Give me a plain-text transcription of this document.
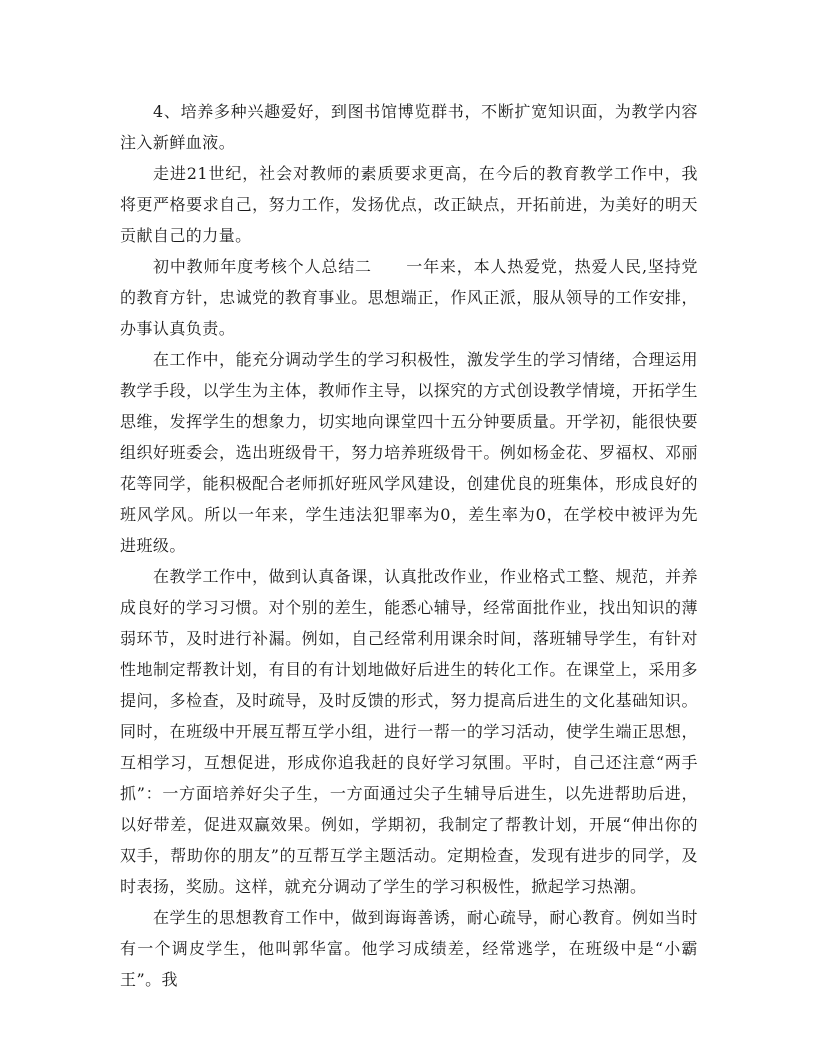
4、培养多种兴趣爱好，到图书馆博览群书，不断扩宽知识面，为教学内容注入新鲜血液。

走进21世纪，社会对教师的素质要求更高，在今后的教育教学工作中，我将更严格要求自己，努力工作，发扬优点，改正缺点，开拓前进，为美好的明天贡献自己的力量。

初中教师年度考核个人总结二 一年来，本人热爱党，热爱人民,坚持党的教育方针，忠诚党的教育事业。思想端正，作风正派，服从领导的工作安排，办事认真负责。

在工作中，能充分调动学生的学习积极性，激发学生的学习情绪，合理运用教学手段，以学生为主体，教师作主导，以探究的方式创设教学情境，开拓学生思维，发挥学生的想象力，切实地向课堂四十五分钟要质量。开学初，能很快要组织好班委会，选出班级骨干，努力培养班级骨干。例如杨金花、罗福权、邓丽花等同学，能积极配合老师抓好班风学风建设，创建优良的班集体，形成良好的班风学风。所以一年来，学生违法犯罪率为0，差生率为0，在学校中被评为先进班级。

在教学工作中，做到认真备课，认真批改作业，作业格式工整、规范，并养成良好的学习习惯。对个别的差生，能悉心辅导，经常面批作业，找出知识的薄弱环节，及时进行补漏。例如，自己经常利用课余时间，落班辅导学生，有针对性地制定帮教计划，有目的有计划地做好后进生的转化工作。在课堂上，采用多提问，多检查，及时疏导，及时反馈的形式，努力提高后进生的文化基础知识。同时，在班级中开展互帮互学小组，进行一帮一的学习活动，使学生端正思想，互相学习，互想促进，形成你追我赶的良好学习氛围。平时，自己还注意“两手抓”：一方面培养好尖子生，一方面通过尖子生辅导后进生，以先进帮助后进，以好带差，促进双赢效果。例如，学期初，我制定了帮教计划，开展“伸出你的双手，帮助你的朋友”的互帮互学主题活动。定期检查，发现有进步的同学，及时表扬，奖励。这样，就充分调动了学生的学习积极性，掀起学习热潮。

在学生的思想教育工作中，做到诲诲善诱，耐心疏导，耐心教育。例如当时有一个调皮学生，他叫郭华富。他学习成绩差，经常逃学，在班级中是“小霸王”。我
